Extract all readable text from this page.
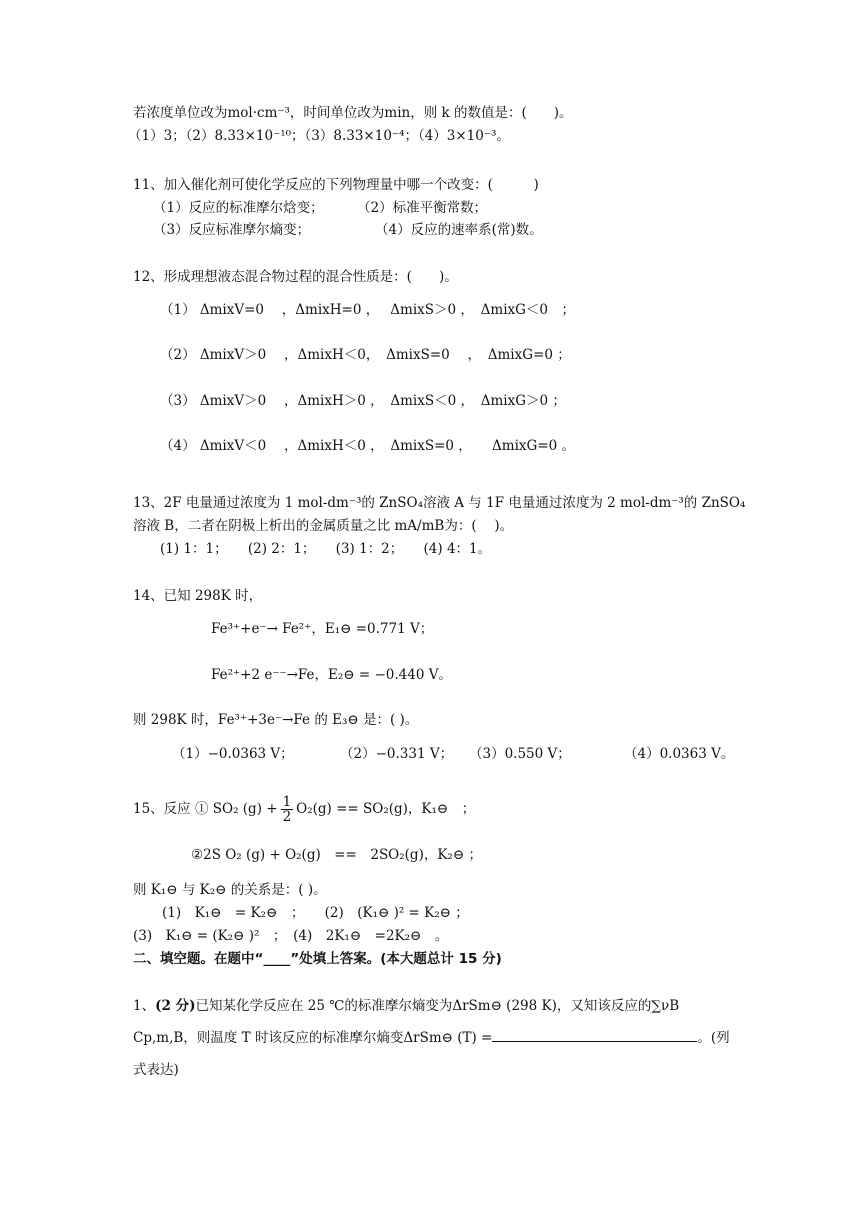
若浓度单位改为mol·cm⁻³，时间单位改为min，则 k 的数值是：(　　)。
（1）3；（2）8.33×10⁻¹⁰；（3）8.33×10⁻⁴；（4）3×10⁻³。
11、加入催化剂可使化学反应的下列物理量中哪一个改变：(　　　)
（1）反应的标准摩尔焓变； （2）标准平衡常数；
（3）反应标准摩尔熵变；	（4）反应的速率系(常)数。
12、形成理想液态混合物过程的混合性质是：(　　)。
（1） ΔmixV=0　 ，ΔmixH=0 ，　 ΔmixS＞0 ，　ΔmixG＜0　；
（2） ΔmixV＞0　 ，ΔmixH＜0，　ΔmixS=0　 ，　ΔmixG=0 ；
（3） ΔmixV＞0　 ，ΔmixH＞0 ，　ΔmixS＜0 ，　ΔmixG＞0 ；
（4） ΔmixV＜0　 ，ΔmixH＜0 ，　ΔmixS=0 ，　　ΔmixG=0 。
13、2F 电量通过浓度为 1 mol-dm⁻³的 ZnSO₄溶液 A 与 1F 电量通过浓度为 2 mol-dm⁻³的 ZnSO₄
溶液 B，二者在阴极上析出的金属质量之比 mA/mB为：(　 )。
(1) 1：1；　　(2) 2：1；　　(3) 1：2；　　(4) 4：1。
14、已知 298K 时，
Fe³⁺+e⁻→ Fe²⁺，E₁⊖ =0.771 V；
Fe²⁺+2 e⁻⁻→Fe，E₂⊖ = −0.440 V。
则 298K 时，Fe³⁺+3e⁻→Fe 的 E₃⊖ 是：( )。
（1）−0.0363 V；	（2）−0.331 V； （3）0.550 V；	（4）0.0363 V。
15、反应 ① SO₂ $(g) + \frac{1}{2} O_2(g) == SO_2(g)$，K₁⊖　；
②2S O₂ (g) + O₂(g)　==　2SO₂(g)，K₂⊖ ；
则 K₁⊖ 与 K₂⊖ 的关系是：( )。
(1)　K₁⊖　= K₂⊖　；　　(2)　(K₁⊖ )² = K₂⊖ ；
(3)　K₁⊖ = (K₂⊖ )²　；　(4)　2K₁⊖　=2K₂⊖　。
二、填空题。在题中“____”处填上答案。(本大题总计 15 分)
1、(2 分)已知某化学反应在 25 ℃的标准摩尔熵变为ΔrSm⊖ (298 K)，又知该反应的∑νB
Cp,m,B，则温度 T 时该反应的标准摩尔熵变ΔrSm⊖ (T) =	。(列
式表达)
